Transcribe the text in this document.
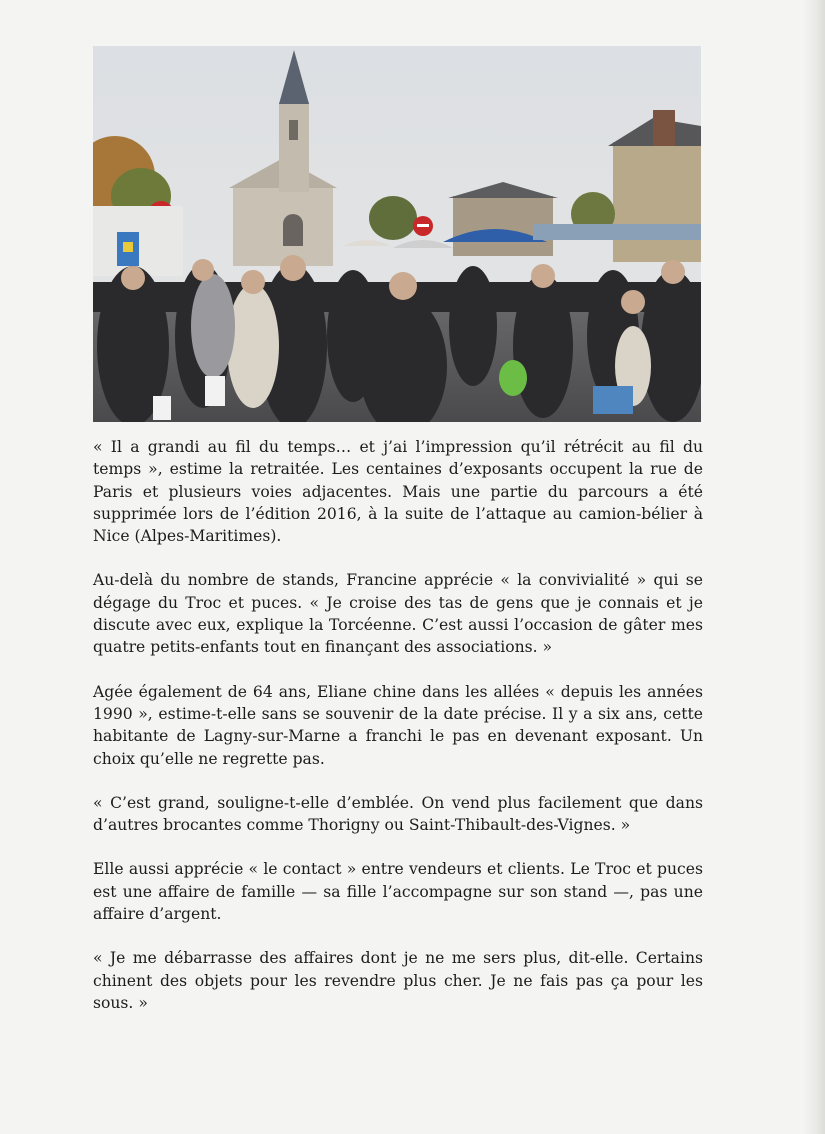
« Il a grandi au fil du temps… et j’ai l’impression qu’il rétrécit au fil du temps », estime la retraitée. Les centaines d’exposants occupent la rue de Paris et plusieurs voies adjacentes. Mais une partie du parcours a été supprimée lors de l’édition 2016, à la suite de l’attaque au camion-bélier à Nice (Alpes-Maritimes).

Au-delà du nombre de stands, Francine apprécie « la convivialité » qui se dégage du Troc et puces. « Je croise des tas de gens que je connais et je discute avec eux, explique la Torcéenne. C’est aussi l’occasion de gâter mes quatre petits-enfants tout en finançant des associations. »

Agée également de 64 ans, Eliane chine dans les allées « depuis les années 1990 », estime-t-elle sans se souvenir de la date précise. Il y a six ans, cette habitante de Lagny-sur-Marne a franchi le pas en devenant exposant. Un choix qu’elle ne regrette pas.

« C’est grand, souligne-t-elle d’emblée. On vend plus facilement que dans d’autres brocantes comme Thorigny ou Saint-Thibault-des-Vignes. »

Elle aussi apprécie « le contact » entre vendeurs et clients. Le Troc et puces est une affaire de famille — sa fille l’accompagne sur son stand —, pas une affaire d’argent.

« Je me débarrasse des affaires dont je ne me sers plus, dit-elle. Certains chinent des objets pour les revendre plus cher. Je ne fais pas ça pour les sous. »
